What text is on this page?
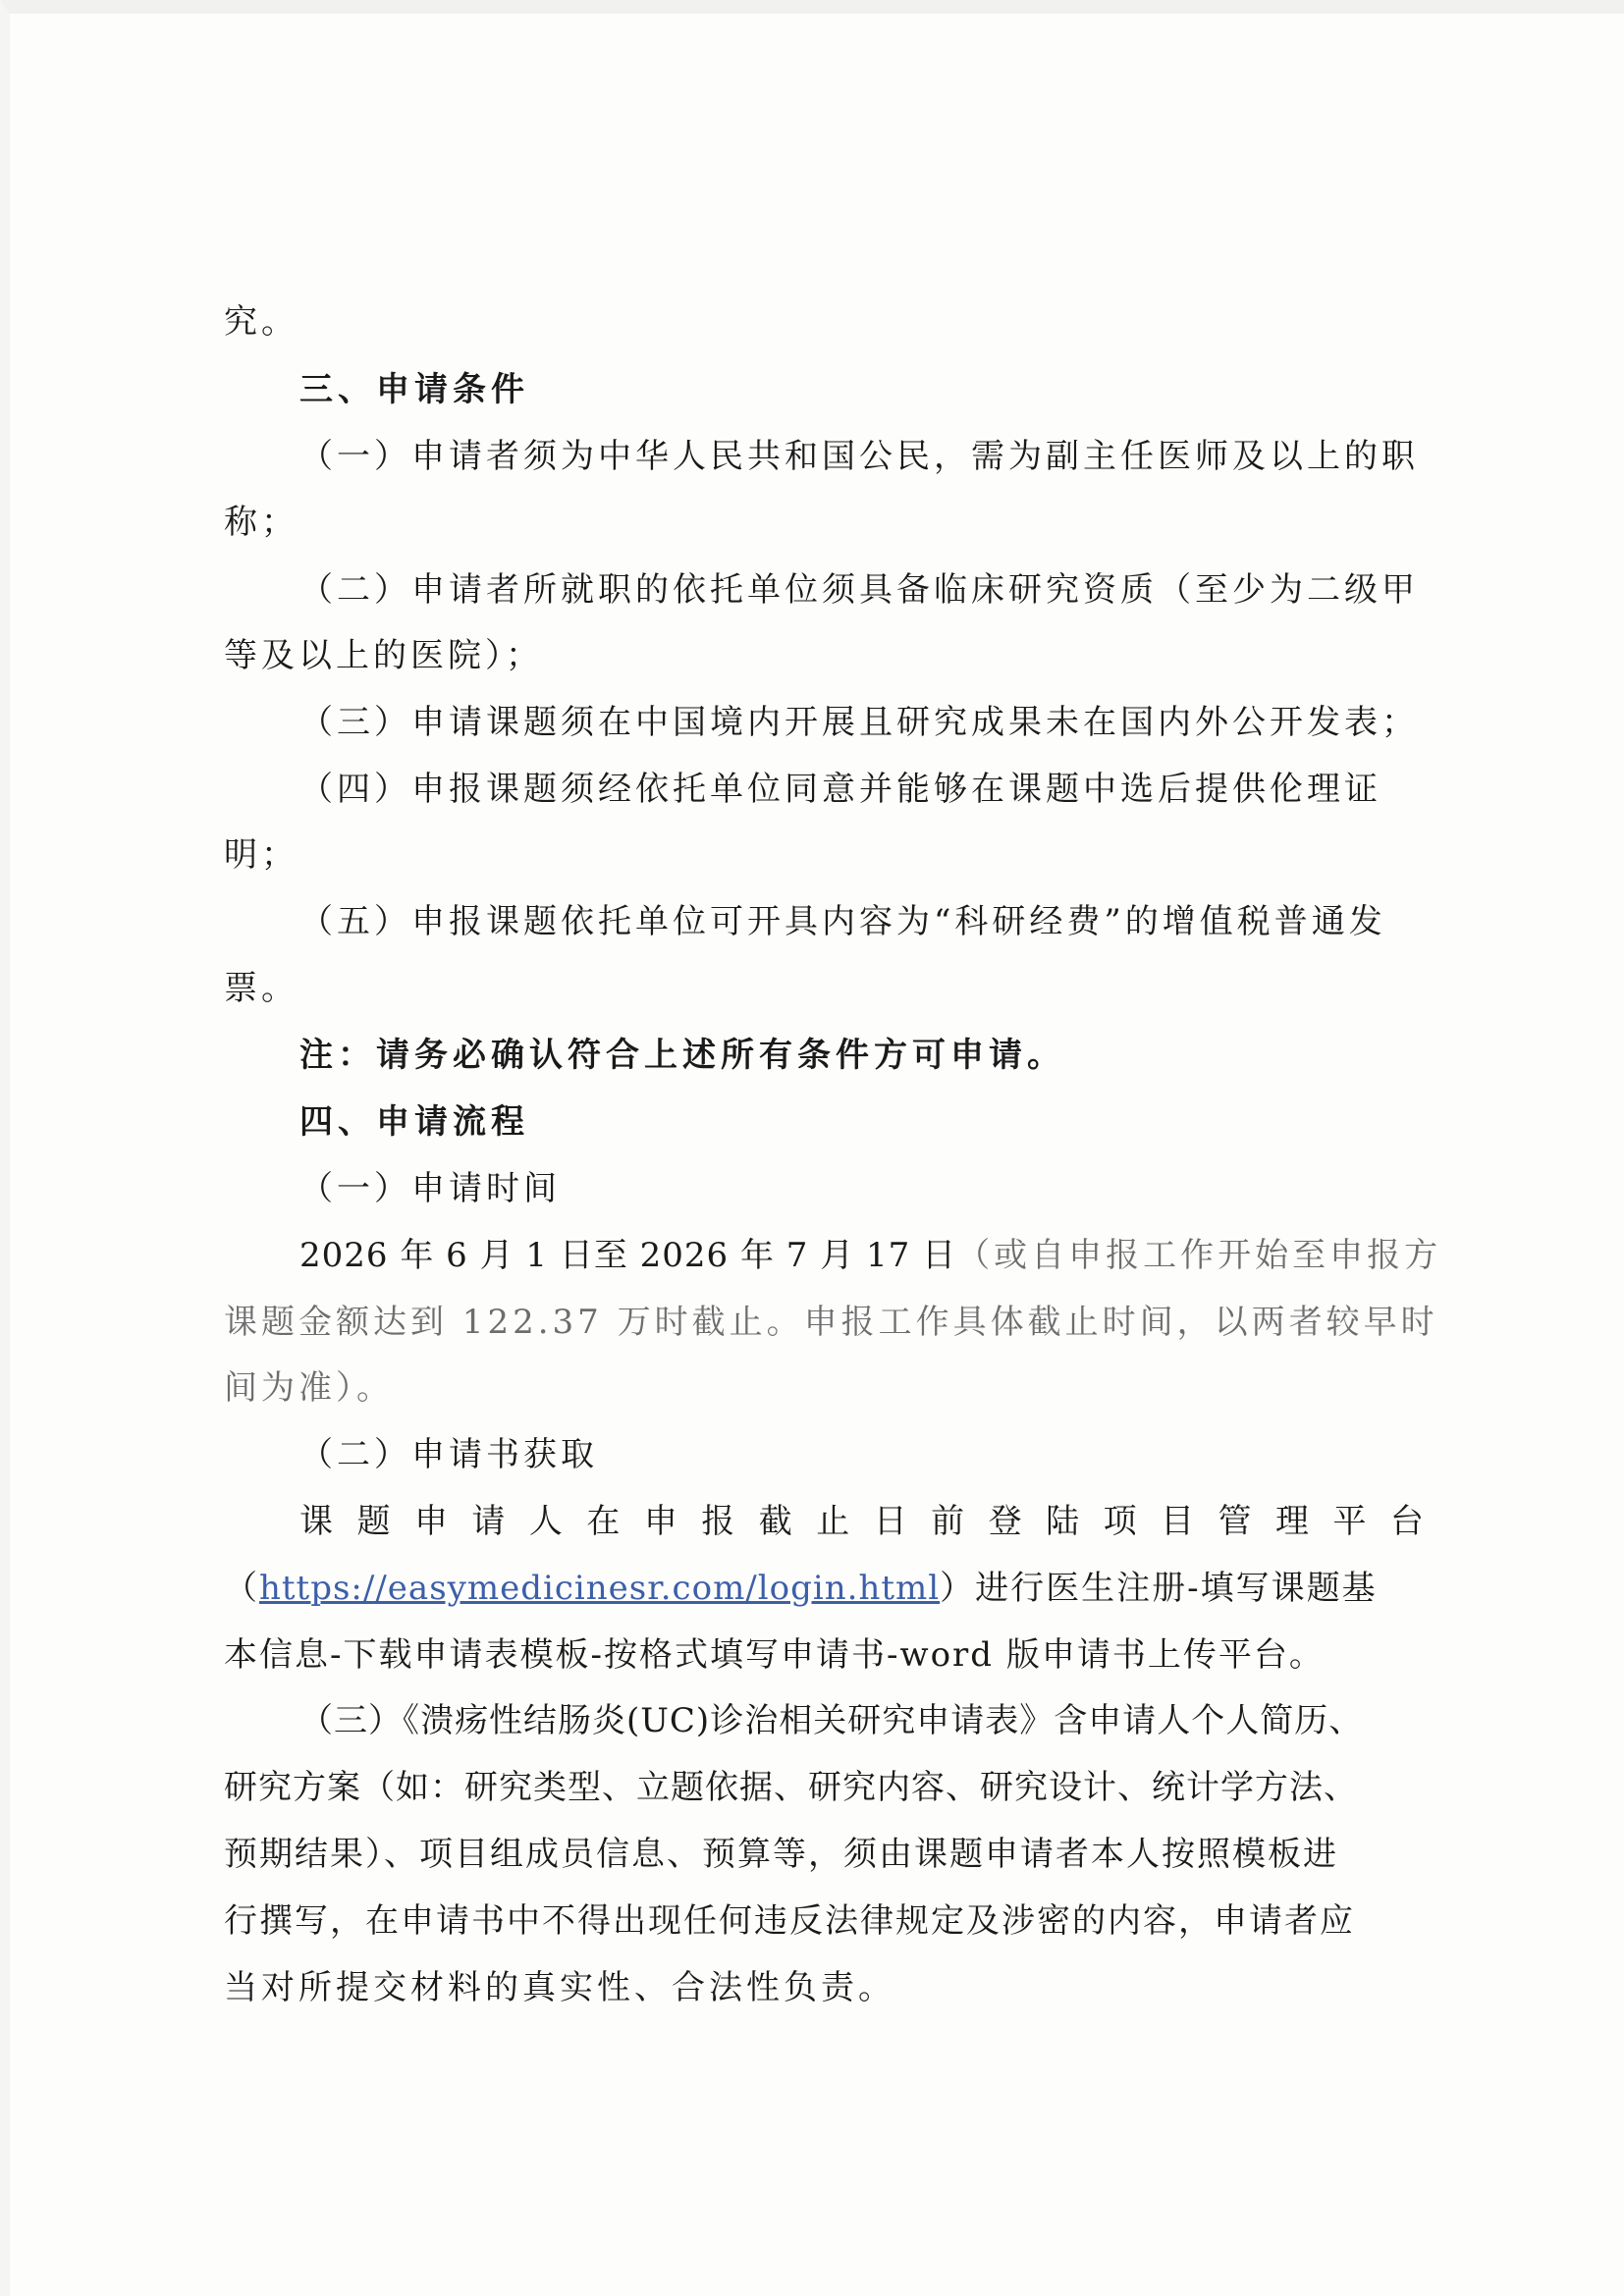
究。
三、申请条件
（一）申请者须为中华人民共和国公民，需为副主任医师及以上的职
称；
（二）申请者所就职的依托单位须具备临床研究资质（至少为二级甲
等及以上的医院）；
（三）申请课题须在中国境内开展且研究成果未在国内外公开发表；
（四）申报课题须经依托单位同意并能够在课题中选后提供伦理证
明；
（五）申报课题依托单位可开具内容为“科研经费”的增值税普通发
票。
注：请务必确认符合上述所有条件方可申请。
四、申请流程
（一）申请时间
2026 年 6 月 1 日至 2026 年 7 月 17 日（或自申报工作开始至申报方
课题金额达到 122.37 万时截止。申报工作具体截止时间，以两者较早时
间为准）。
（二）申请书获取
课 题 申 请 人 在 申 报 截 止 日 前 登 陆 项 目 管 理 平 台
（https://easymedicinesr.com/login.html）进行医生注册-填写课题基
本信息-下载申请表模板-按格式填写申请书-word 版申请书上传平台。
（三）《溃疡性结肠炎(UC)诊治相关研究申请表》含申请人个人简历、
研究方案（如：研究类型、立题依据、研究内容、研究设计、统计学方法、
预期结果）、项目组成员信息、预算等，须由课题申请者本人按照模板进
行撰写，在申请书中不得出现任何违反法律规定及涉密的内容，申请者应
当对所提交材料的真实性、合法性负责。
